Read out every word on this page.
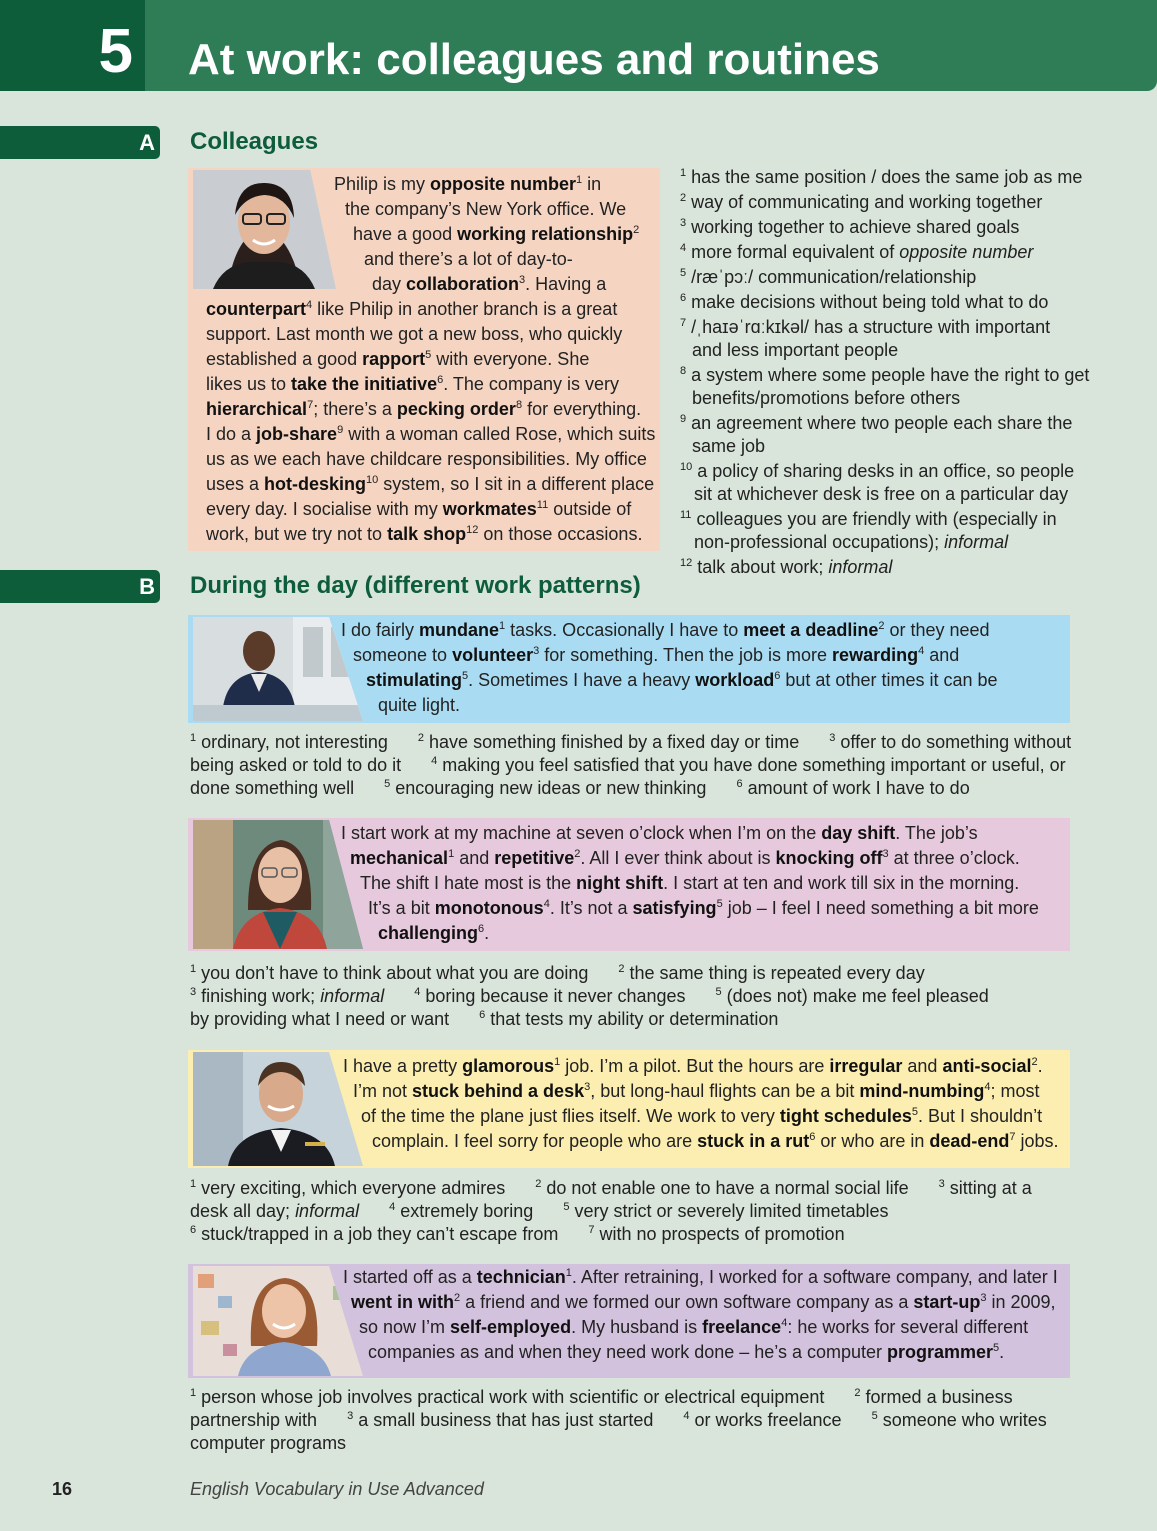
5 At work: colleagues and routines
A Colleagues
Philip is my opposite number$^1$ in
the company’s New York office. We
have a good working relationship$^2$
and there’s a lot of day-to-
day collaboration$^3$. Having a
counterpart$^4$ like Philip in another branch is a great
support. Last month we got a new boss, who quickly
established a good rapport$^5$ with everyone. She
likes us to take the initiative$^6$. The company is very
hierarchical$^7$; there’s a pecking order$^8$ for everything.
I do a job-share$^9$ with a woman called Rose, which suits
us as we each have childcare responsibilities. My office
uses a hot-desking$^{10}$ system, so I sit in a different place
every day. I socialise with my workmates$^{11}$ outside of
work, but we try not to talk shop$^{12}$ on those occasions.
$^1$ has the same position / does the same job as me
$^2$ way of communicating and working together
$^3$ working together to achieve shared goals
$^4$ more formal equivalent of opposite number
$^5$ /ræˈpɔː/ communication/relationship
$^6$ make decisions without being told what to do
$^7$ /ˌhaɪəˈrɑːkɪkəl/ has a structure with important
and less important people
$^8$ a system where some people have the right to get
benefits/promotions before others
$^9$ an agreement where two people each share the
same job
$^{10}$ a policy of sharing desks in an office, so people
sit at whichever desk is free on a particular day
$^{11}$ colleagues you are friendly with (especially in
non-professional occupations); informal
$^{12}$ talk about work; informal
B During the day (different work patterns)
I do fairly mundane$^1$ tasks. Occasionally I have to meet a deadline$^2$ or they need
someone to volunteer$^3$ for something. Then the job is more rewarding$^4$ and
stimulating$^5$. Sometimes I have a heavy workload$^6$ but at other times it can be
quite light.
$^1$ ordinary, not interesting      $^2$ have something finished by a fixed day or time      $^3$ offer to do something without
being asked or told to do it      $^4$ making you feel satisfied that you have done something important or useful, or
done something well      $^5$ encouraging new ideas or new thinking      $^6$ amount of work I have to do
I start work at my machine at seven o’clock when I’m on the day shift. The job’s
mechanical$^1$ and repetitive$^2$. All I ever think about is knocking off$^3$ at three o’clock.
The shift I hate most is the night shift. I start at ten and work till six in the morning.
It’s a bit monotonous$^4$. It’s not a satisfying$^5$ job – I feel I need something a bit more
challenging$^6$.
$^1$ you don’t have to think about what you are doing      $^2$ the same thing is repeated every day
$^3$ finishing work; informal	$^4$ boring because it never changes      $^5$ (does not) make me feel pleased
by providing what I need or want      $^6$ that tests my ability or determination
I have a pretty glamorous$^1$ job. I’m a pilot. But the hours are irregular and anti-social$^2$.
I’m not stuck behind a desk$^3$, but long-haul flights can be a bit mind-numbing$^4$; most
of the time the plane just flies itself. We work to very tight schedules$^5$. But I shouldn’t
complain. I feel sorry for people who are stuck in a rut$^6$ or who are in dead-end$^7$ jobs.
$^1$ very exciting, which everyone admires      $^2$ do not enable one to have a normal social life      $^3$ sitting at a
desk all day; informal	$^4$ extremely boring      $^5$ very strict or severely limited timetables
$^6$ stuck/trapped in a job they can’t escape from      $^7$ with no prospects of promotion
I started off as a technician$^1$. After retraining, I worked for a software company, and later I
went in with$^2$ a friend and we formed our own software company as a start-$up^3$ in 2009,
so now I’m self-employed. My husband is freelance$^4$: he works for several different
companies as and when they need work done – he’s a computer programmer$^5$.
$^1$ person whose job involves practical work with scientific or electrical equipment      $^2$ formed a business
partnership with      $^3$ a small business that has just started      $^4$ or works freelance      $^5$ someone who writes
computer programs
16	English Vocabulary in Use Advanced
